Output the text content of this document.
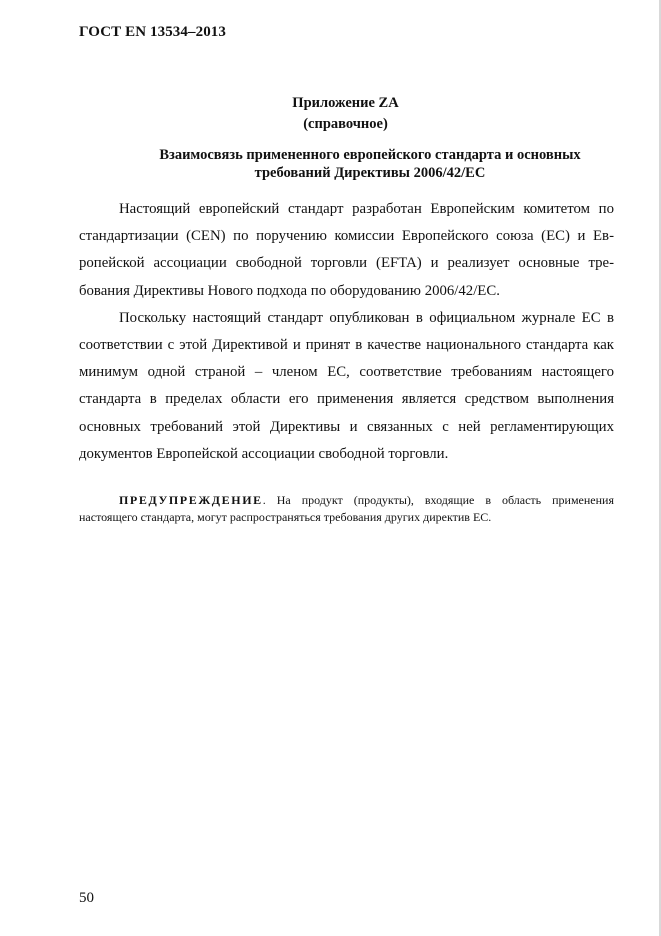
ГОСТ EN 13534–2013
Приложение ZA
(справочное)
Взаимосвязь примененного европейского стандарта и основных требований Директивы 2006/42/ЕС

Настоящий европейский стандарт разработан Европейским комитетом по стандартизации (CEN) по поручению комиссии Европейского союза (ЕС) и Европейской ассоциации свободной торговли (EFTA) и реализует основные требования Директивы Нового подхода по оборудованию 2006/42/ЕС.

Поскольку настоящий стандарт опубликован в официальном журнале ЕС в соответствии с этой Директивой и принят в качестве национального стандарта как минимум одной страной – членом ЕС, соответствие требованиям настоящего стандарта в пределах области его применения является средством выполнения основных требований этой Директивы и связанных с ней регламентирующих документов Европейской ассоциации свободной торговли.

ПРЕДУПРЕЖДЕНИЕ. На продукт (продукты), входящие в область применения настоящего стандарта, могут распространяться требования других директив ЕС.
50
